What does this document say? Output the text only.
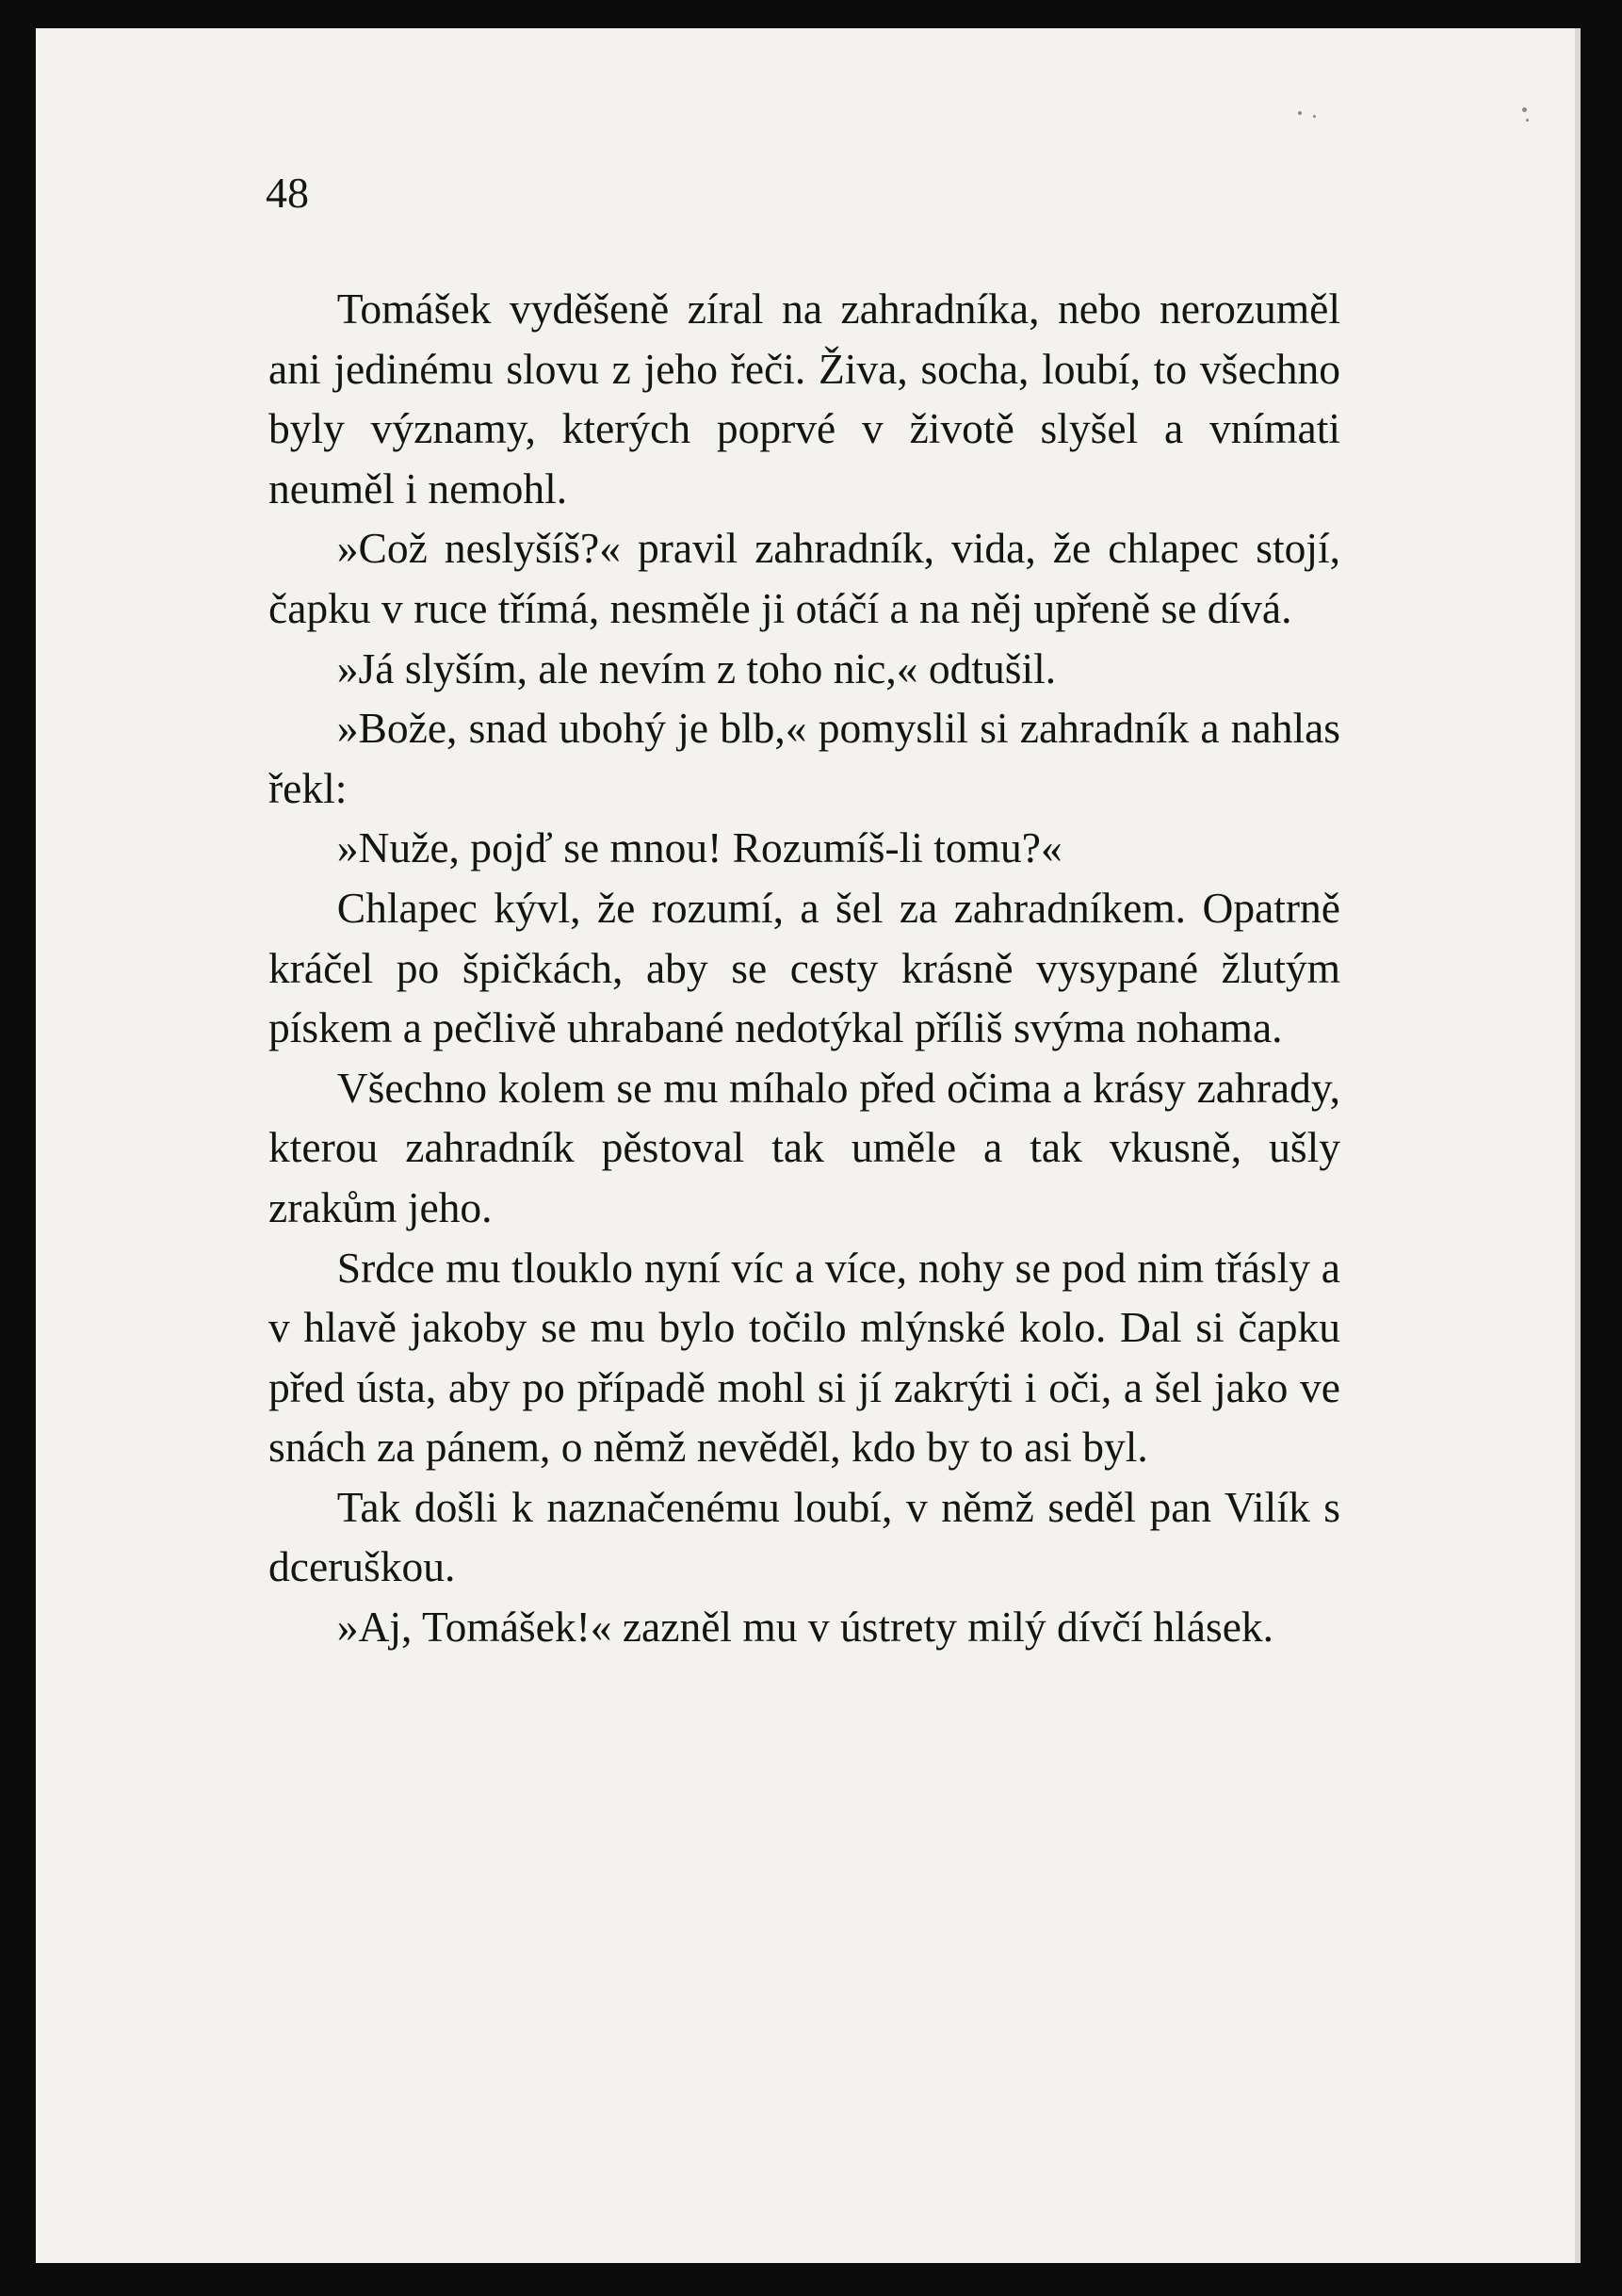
48

Tomášek vyděšeně zíral na zahradníka, nebo nerozuměl ani jedinému slovu z jeho řeči. Živa, socha, loubí, to všechno byly významy, kterých poprvé v životě slyšel a vnímati neuměl i nemohl.

»Což neslyšíš?« pravil zahradník, vida, že chlapec stojí, čapku v ruce třímá, nesměle ji otáčí a na něj upřeně se dívá.

»Já slyším, ale nevím z toho nic,« odtušil.

»Bože, snad ubohý je blb,« pomyslil si zahradník a nahlas řekl:

»Nuže, pojď se mnou! Rozumíš-li tomu?«

Chlapec kývl, že rozumí, a šel za zahradníkem. Opatrně kráčel po špičkách, aby se cesty krásně vysypané žlutým pískem a pečlivě uhrabané nedotýkal příliš svýma nohama.

Všechno kolem se mu míhalo před očima a krásy zahrady, kterou zahradník pěstoval tak uměle a tak vkusně, ušly zrakům jeho.

Srdce mu tlouklo nyní víc a více, nohy se pod nim třásly a v hlavě jakoby se mu bylo točilo mlýnské kolo. Dal si čapku před ústa, aby po případě mohl si jí zakrýti i oči, a šel jako ve snách za pánem, o němž nevěděl, kdo by to asi byl.

Tak došli k naznačenému loubí, v němž seděl pan Vilík s dceruškou.

»Aj, Tomášek!« zazněl mu v ústrety milý dívčí hlásek.
